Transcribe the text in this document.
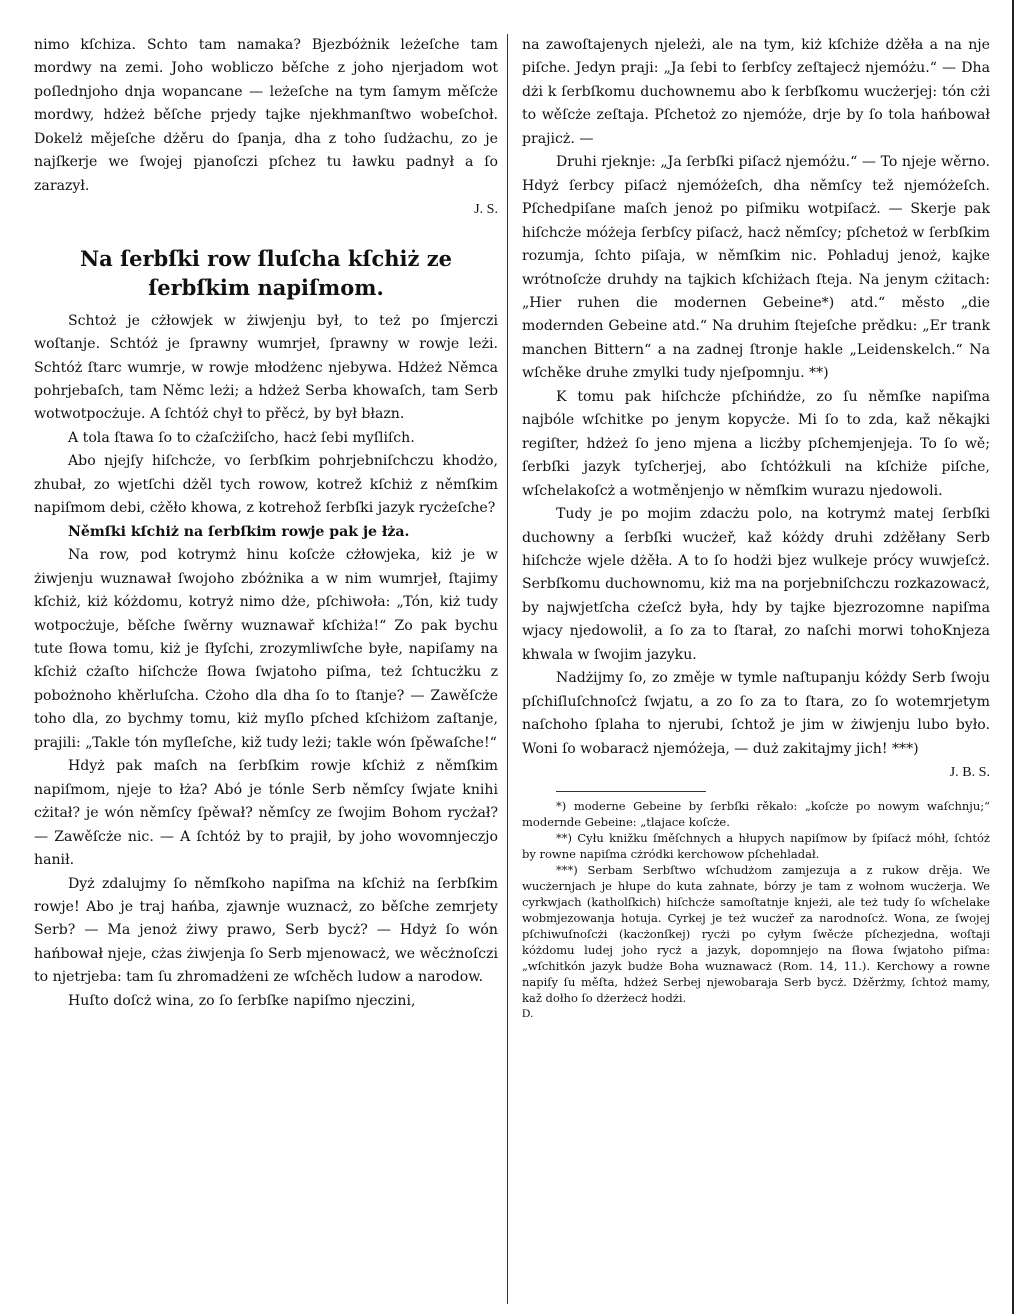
nimo kſchiza. Schto tam namaka? Bjezbóżnik leżeſche tam mordwy na zemi. Joho wobliczo běſche z joho njerjadom wot poſlednjoho dnja wopancane — leżeſche na tym ſamym měſcże mordwy, hdżeż běſche prjedy tajke njekhmanſtwo wobeſchoł. Dokelż mějeſche dżěru do ſpanja, dha z toho ſudżachu, zo je najſkerje we ſwojej pjanoſczi pſchez tu ławku padnył a ſo zarazył.

J. S.

Na ſerbſki row ſluſcha kſchiż ze ſerbſkim napiſmom.

Schtoż je cżłowjek w żiwjenju był, to też po ſmjerczi woſtanje. Schtóż je ſprawny wumrjeł, ſprawny w rowje leżi. Schtóż ſtarc wumrje, w rowje młodżenc njebywa. Hdżeż Němca pohrjebaſch, tam Němc leżi; a hdżeż Serba khowaſch, tam Serb wotwotpocżuje. A ſchtóż chył to přěcż, by był błazn.

A tola ſtawa ſo to cżaſcżiſcho, hacż ſebi myſliſch.

Abo njejſy hiſchcże, vo ſerbſkim pohrjebniſchczu khodżo, zhubał, zo wjetſchi dżěl tych rowow, kotrež kſchiż z němſkim napiſmom debi, cżěło khowa, z kotrehož ſerbſki jazyk rycżeſche?

Němſki kſchiż na ſerbſkim rowje pak je łża.

Na row, pod kotrymż hinu koſcże cżłowjeka, kiż je w żiwjenju wuznawał ſwojoho zbóżnika a w nim wumrjeł, ſtajimy kſchiż, kiż kóżdomu, kotryż nimo dże, pſchiwoła: „Tón, kiż tudy wotpocżuje, běſche ſwěrny wuznawař kſchiża!“ Zo pak bychu tute ſłowa tomu, kiż je ſłyſchi, zrozymliwſche byłe, napiſamy na kſchiż cżaſto hiſchcże ſłowa ſwjatoho piſma, też ſchtucżku z pobożnoho khěrluſcha. Cżoho dla dha ſo to ſtanje? — Zawěſcże toho dla, zo bychmy tomu, kiż myſlo pſched kſchiżom zaſtanje, prajili: „Takle tón myſleſche, kiž tudy leżi; takle wón ſpěwaſche!“

Hdyż pak maſch na ſerbſkim rowje kſchiż z němſkim napiſmom, njeje to łża? Abó je tónle Serb němſcy ſwjate knihi cżitał? je wón němſcy ſpěwał? němſcy ze ſwojim Bohom rycżał? — Zawěſcże nic. — A ſchtóż by to prajił, by joho wovomnjeczjo hanił.

Dyż zdalujmy ſo němſkoho napiſma na kſchiż na ſerbſkim rowje! Abo je traj hańba, zjawnje wuznacż, zo běſche zemrjety Serb? — Ma jenoż żiwy prawo, Serb bycż? — Hdyż ſo wón hańbował njeje, cżas żiwjenja ſo Serb mjenowacż, we wěcżnoſczi to njetrjeba: tam ſu zhromadżeni ze wſchěch ludow a narodow.

Huſto doſcż wina, zo ſo ſerbſke napiſmo njeczini,

na zawoſtajenych njeleżi, ale na tym, kiż kſchiże dżěła a na nje piſche. Jedyn praji: „Ja ſebi to ſerbſcy zeſtajecż njemóżu.“ — Dha dżi k ſerbſkomu duchownemu abo k ſerbſkomu wucżerjej: tón cżi to wěſcże zeſtaja. Pſchetoż zo njemóże, drje by ſo tola hańbował prajicż. —

Druhi rjeknje: „Ja ſerbſki piſacż njemóżu.“ — To njeje wěrno. Hdyż ſerbcy piſacż njemóżeſch, dha němſcy tež njemóżeſch. Pſchedpiſane maſch jenoż po piſmiku wotpiſacż. — Skerje pak hiſchcże móżeja ſerbſcy piſacż, hacż němſcy; pſchetoż w ſerbſkim rozumja, ſchto piſaja, w němſkim nic. Pohladuj jenoż, kajke wrótnoſcże druhdy na tajkich kſchiżach ſteja. Na jenym cżitach: „Hier ruhen die modernen Gebeine*) atd.“ město „die modernden Gebeine atd.“ Na druhim ſtejeſche prědku: „Er trank manchen Bittern“ a na zadnej ſtronje hakle „Leidenskelch.“ Na wſchěke druhe zmylki tudy njeſpomnju. **)

K tomu pak hiſchcże pſchińdże, zo ſu němſke napiſma najbóle wſchitke po jenym kopycże. Mi ſo to zda, kaž někajki regiſter, hdżeż ſo jeno mjena a licżby pſchemjenjeja. To ſo wě; ſerbſki jazyk tyſcherjej, abo ſchtóżkuli na kſchiże piſche, wſchelakoſcż a wotměnjenjo w němſkim wurazu njedowoli.

Tudy je po mojim zdacżu polo, na kotrymż matej ſerbſki duchowny a ſerbſki wucżeř, kaž kóżdy druhi zdżěłany Serb hiſchcże wjele dżěła. A to ſo hodżi bjez wulkeje prócy wuwjeſcż. Serbſkomu duchownomu, kiż ma na porjebniſchczu rozkazowacż, by najwjetſcha cżeſcż była, hdy by tajke bjezrozomne napiſma wjacy njedowolił, a ſo za to ſtarał, zo naſchi morwi tohoKnjeza khwala w ſwojim jazyku.

Nadżijmy ſo, zo změje w tymle naſtupanju kóżdy Serb ſwoju pſchiſluſchnoſcż ſwjatu, a zo ſo za to ſtara, zo ſo wotemrjetym naſchoho ſplaha to njerubi, ſchtož je jim w żiwjenju lubo było. Woni ſo wobaracż njemóżeja, — duż zakitajmy jich! ***)

J. B. S.

*) moderne Gebeine by ſerbſki rěkało: „koſcże po nowym waſchnju;“ modernde Gebeine: „tlajace koſcże.

**) Cyłu knižku ſměſchnych a hłupych napiſmow by ſpiſacż móhł, ſchtóż by rowne napiſma cżródki kerchowow pſchehladał.

***) Serbam Serbſtwo wſchudżom zamjezuja a z rukow drěja. We wucżernjach je hłupe do kuta zahnate, bórzy je tam z wołnom wucżerja. We cyrkwjach (katholſkich) hiſchcże samoſtatnje knjeżi, ale też tudy ſo wſchelake wobmjezowanja hotuja. Cyrkej je też wucżeř za narodnoſcż. Wona, ze ſwojej pſchiwuſnoſcżi (kacżonſkej) rycżi po cyłym ſwěcże pſchezjedna, woſtaji kóżdomu ludej joho rycż a jazyk, dopomnjejo na ſłowa ſwjatoho piſma: „wſchitkón jazyk budże Boha wuznawacż (Rom. 14, 11.). Kerchowy a rowne napiſy ſu měſta, hdżeż Serbej njewobaraja Serb bycż. Dżěrżmy, ſchtoż mamy, kaž dołho ſo dżerżecż hodżi.

D.
